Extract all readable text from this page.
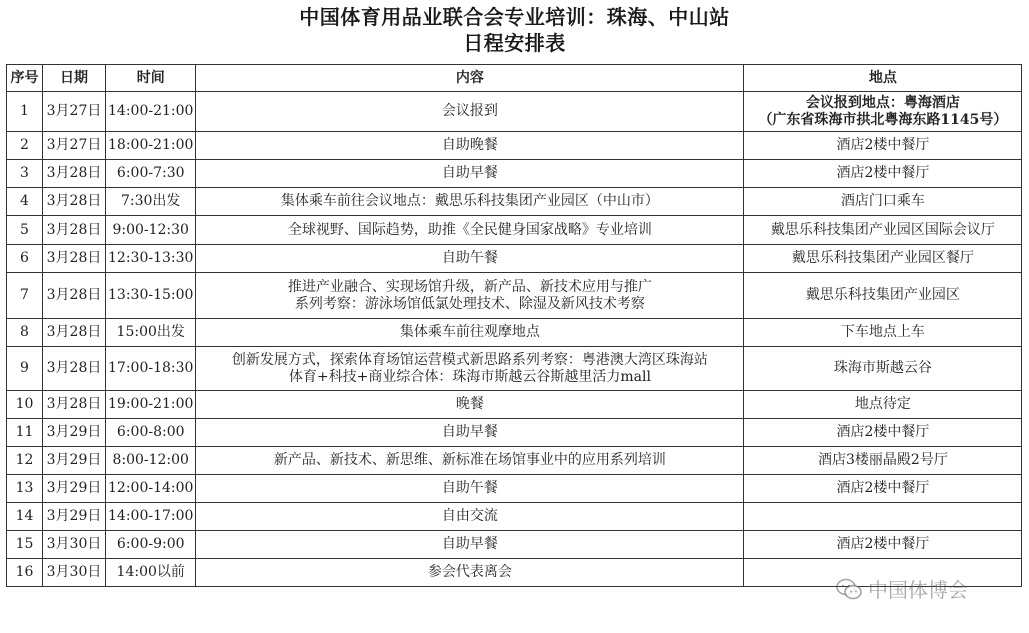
中国体育用品业联合会专业培训：珠海、中山站
日程安排表
序号	日期	时间	内容	地点
1	3月27日	14:00-21:00	会议报到	会议报到地点：粤海酒店
（广东省珠海市拱北粤海东路1145号）

2	3月27日	18:00-21:00	自助晚餐	酒店2楼中餐厅
3	3月28日	6:00-7:30	自助早餐	酒店2楼中餐厅
4	3月28日	7:30出发	集体乘车前往会议地点：戴思乐科技集团产业园区（中山市）	酒店门口乘车
5	3月28日	9:00-12:30	全球视野、国际趋势，助推《全民健身国家战略》专业培训	戴思乐科技集团产业园区国际会议厅
6	3月28日	12:30-13:30	自助午餐	戴思乐科技集团产业园区餐厅
7	3月28日	13:30-15:00	推进产业融合、实现场馆升级，新产品、新技术应用与推广
系列考察：游泳场馆低氯处理技术、除湿及新风技术考察	戴思乐科技集团产业园区
8	3月28日	15:00出发	集体乘车前往观摩地点	下车地点上车
9	3月28日	17:00-18:30	创新发展方式，探索体育场馆运营模式新思路系列考察：粤港澳大湾区珠海站
体育+科技+商业综合体：珠海市斯越云谷斯越里活力mall	珠海市斯越云谷
10	3月28日	19:00-21:00	晚餐	地点待定
11	3月29日	6:00-8:00	自助早餐	酒店2楼中餐厅
12	3月29日	8:00-12:00	新产品、新技术、新思维、新标准在场馆事业中的应用系列培训	酒店3楼丽晶殿2号厅
13	3月29日	12:00-14:00	自助午餐	酒店2楼中餐厅
14	3月29日	14:00-17:00	自由交流	
15	3月30日	6:00-9:00	自助早餐	酒店2楼中餐厅
16	3月30日	14:00以前	参会代表离会	
中国体博会
